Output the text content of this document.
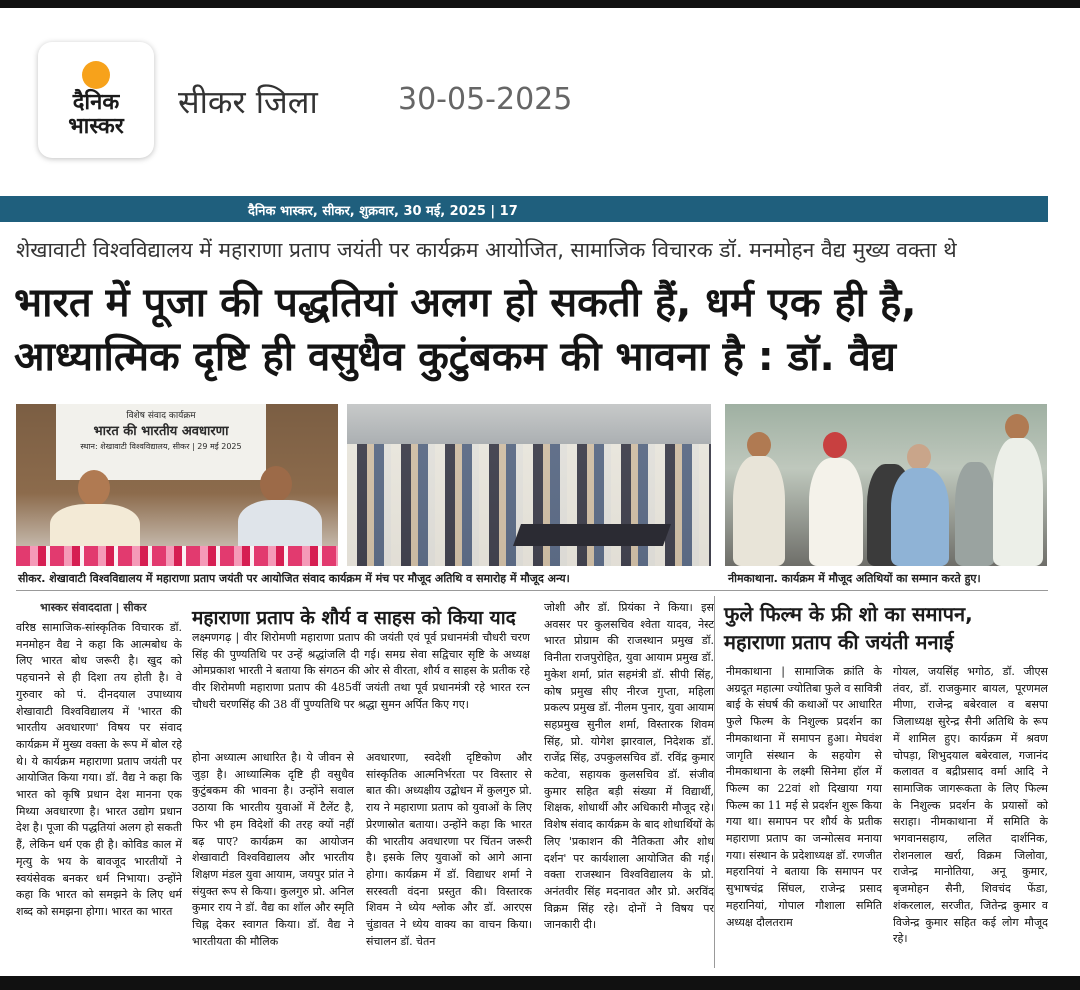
दैनिक
भास्कर
सीकर जिला	30-05-2025
दैनिक भास्कर, सीकर, शुक्रवार, 30 मई, 2025 | 17
शेखावाटी विश्वविद्यालय में महाराणा प्रताप जयंती पर कार्यक्रम आयोजित, सामाजिक विचारक डॉ. मनमोहन वैद्य मुख्य वक्ता थे
भारत में पूजा की पद्धतियां अलग हो सकती हैं, धर्म एक ही है,
आध्यात्मिक दृष्टि ही वसुधैव कुटुंबकम की भावना है : डॉ. वैद्य
विशेष संवाद कार्यक्रम
भारत की भारतीय अवधारणा
स्थान: शेखावाटी विश्वविद्यालय, सीकर | 29 मई 2025
सीकर. शेखावाटी विश्वविद्यालय में महाराणा प्रताप जयंती पर आयोजित संवाद कार्यक्रम में मंच पर मौजूद अतिथि व समारोह में मौजूद अन्य।	नीमकाथाना. कार्यक्रम में मौजूद अतिथियों का सम्मान करते हुए।
भास्कर संवाददाता | सीकर
वरिष्ठ सामाजिक-सांस्कृतिक विचारक डॉ. मनमोहन वैद्य ने कहा कि आत्मबोध के लिए भारत बोध जरूरी है। खुद को पहचानने से ही दिशा तय होती है। वे गुरुवार को पं. दीनदयाल उपाध्याय शेखावाटी विश्वविद्यालय में 'भारत की भारतीय अवधारणा' विषय पर संवाद कार्यक्रम में मुख्य वक्ता के रूप में बोल रहे थे। ये कार्यक्रम महाराणा प्रताप जयंती पर आयोजित किया गया। डॉ. वैद्य ने कहा कि भारत को कृषि प्रधान देश मानना एक मिथ्या अवधारणा है। भारत उद्योग प्रधान देश है। पूजा की पद्धतियां अलग हो सकती हैं, लेकिन धर्म एक ही है। कोविड काल में मृत्यु के भय के बावजूद भारतीयों ने स्वयंसेवक बनकर धर्म निभाया। उन्होंने कहा कि भारत को समझने के लिए धर्म शब्द को समझना होगा। भारत का भारत
महाराणा प्रताप के शौर्य व साहस को किया याद
लक्ष्मणगढ़ | वीर शिरोमणी महाराणा प्रताप की जयंती एवं पूर्व प्रधानमंत्री चौधरी चरण सिंह की पुण्यतिथि पर उन्हें श्रद्धांजलि दी गई। समग्र सेवा सद्विचार सृष्टि के अध्यक्ष ओमप्रकाश भारती ने बताया कि संगठन की ओर से वीरता, शौर्य व साहस के प्रतीक रहे वीर शिरोमणी महाराणा प्रताप की 485वीं जयंती तथा पूर्व प्रधानमंत्री रहे भारत रत्न चौधरी चरणसिंह की 38 वीं पुण्यतिथि पर श्रद्धा सुमन अर्पित किए गए।
होना अध्यात्म आधारित है। ये जीवन से जुड़ा है। आध्यात्मिक दृष्टि ही वसुधैव कुटुंबकम की भावना है। उन्होंने सवाल उठाया कि भारतीय युवाओं में टैलेंट है, फिर भी हम विदेशों की तरह क्यों नहीं बढ़ पाए? कार्यक्रम का आयोजन शेखावाटी विश्वविद्यालय और भारतीय शिक्षण मंडल युवा आयाम, जयपुर प्रांत ने संयुक्त रूप से किया। कुलगुरु प्रो. अनिल कुमार राय ने डॉ. वैद्य का शॉल और स्मृति चिह्न देकर स्वागत किया। डॉ. वैद्य ने भारतीयता की मौलिक
अवधारणा, स्वदेशी दृष्टिकोण और सांस्कृतिक आत्मनिर्भरता पर विस्तार से बात की। अध्यक्षीय उद्बोधन में कुलगुरु प्रो. राय ने महाराणा प्रताप को युवाओं के लिए प्रेरणास्रोत बताया। उन्होंने कहा कि भारत की भारतीय अवधारणा पर चिंतन जरूरी है। इसके लिए युवाओं को आगे आना होगा। कार्यक्रम में डॉ. विद्याधर शर्मा ने सरस्वती वंदना प्रस्तुत की। विस्तारक शिवम ने ध्येय श्लोक और डॉ. आरएस चुंडावत ने ध्येय वाक्य का वाचन किया। संचालन डॉ. चेतन
जोशी और डॉ. प्रियंका ने किया। इस अवसर पर कुलसचिव श्वेता यादव, नेस्ट भारत प्रोग्राम की राजस्थान प्रमुख डॉ. विनीता राजपुरोहित, युवा आयाम प्रमुख डॉ. मुकेश शर्मा, प्रांत सहमंत्री डॉ. सीपी सिंह, कोष प्रमुख सीए नीरज गुप्ता, महिला प्रकल्प प्रमुख डॉ. नीलम पुनार, युवा आयाम सहप्रमुख सुनील शर्मा, विस्तारक शिवम सिंह, प्रो. योगेश झारवाल, निदेशक डॉ. राजेंद्र सिंह, उपकुलसचिव डॉ. रविंद्र कुमार कटेवा, सहायक कुलसचिव डॉ. संजीव कुमार सहित बड़ी संख्या में विद्यार्थी, शिक्षक, शोधार्थी और अधिकारी मौजूद रहे। विशेष संवाद कार्यक्रम के बाद शोधार्थियों के लिए 'प्रकाशन की नैतिकता और शोध दर्शन' पर कार्यशाला आयोजित की गई। वक्ता राजस्थान विश्वविद्यालय के प्रो. अनंतवीर सिंह मदनावत और प्रो. अरविंद विक्रम सिंह रहे। दोनों ने विषय पर जानकारी दी।
फुले फिल्म के फ्री शो का समापन,
महाराणा प्रताप की जयंती मनाई
नीमकाथाना | सामाजिक क्रांति के अग्रदूत महात्मा ज्योतिबा फुले व सावित्री बाई के संघर्ष की कथाओं पर आधारित फुले फिल्म के निशुल्क प्रदर्शन का नीमकाथाना में समापन हुआ। मेघवंश जागृति संस्थान के सहयोग से नीमकाथाना के लक्ष्मी सिनेमा हॉल में फिल्म का 22वां शो दिखाया गया फिल्म का 11 मई से प्रदर्शन शुरू किया गया था। समापन पर शौर्य के प्रतीक महाराणा प्रताप का जन्मोत्सव मनाया गया। संस्थान के प्रदेशाध्यक्ष डॉ. रणजीत महरानियां ने बताया कि समापन पर सुभाषचंद्र सिंघल, राजेन्द्र प्रसाद महरानियां, गोपाल गौशाला समिति अध्यक्ष दौलतराम
गोयल, जयसिंह भगोठ, डॉ. जीएस तंवर, डॉ. राजकुमार बायल, पूरणमल मीणा, राजेन्द्र बबेरवाल व बसपा जिलाध्यक्ष सुरेन्द्र सैनी अतिथि के रूप में शामिल हुए। कार्यक्रम में श्रवण चोपड़ा, शिभुदयाल बबेरवाल, गजानंद कलावत व बद्रीप्रसाद वर्मा आदि ने सामाजिक जागरूकता के लिए फिल्म के निशुल्क प्रदर्शन के प्रयासों को सराहा। नीमकाथाना में समिति के भगवानसहाय, ललित दार्शनिक, रोशनलाल खर्रा, विक्रम जिलोवा, राजेन्द्र मानोतिया, अनू कुमार, बृजमोहन सैनी, शिवचंद फेंडा, शंकरलाल, सरजीत, जितेन्द्र कुमार व विजेन्द्र कुमार सहित कई लोग मौजूद रहे।
